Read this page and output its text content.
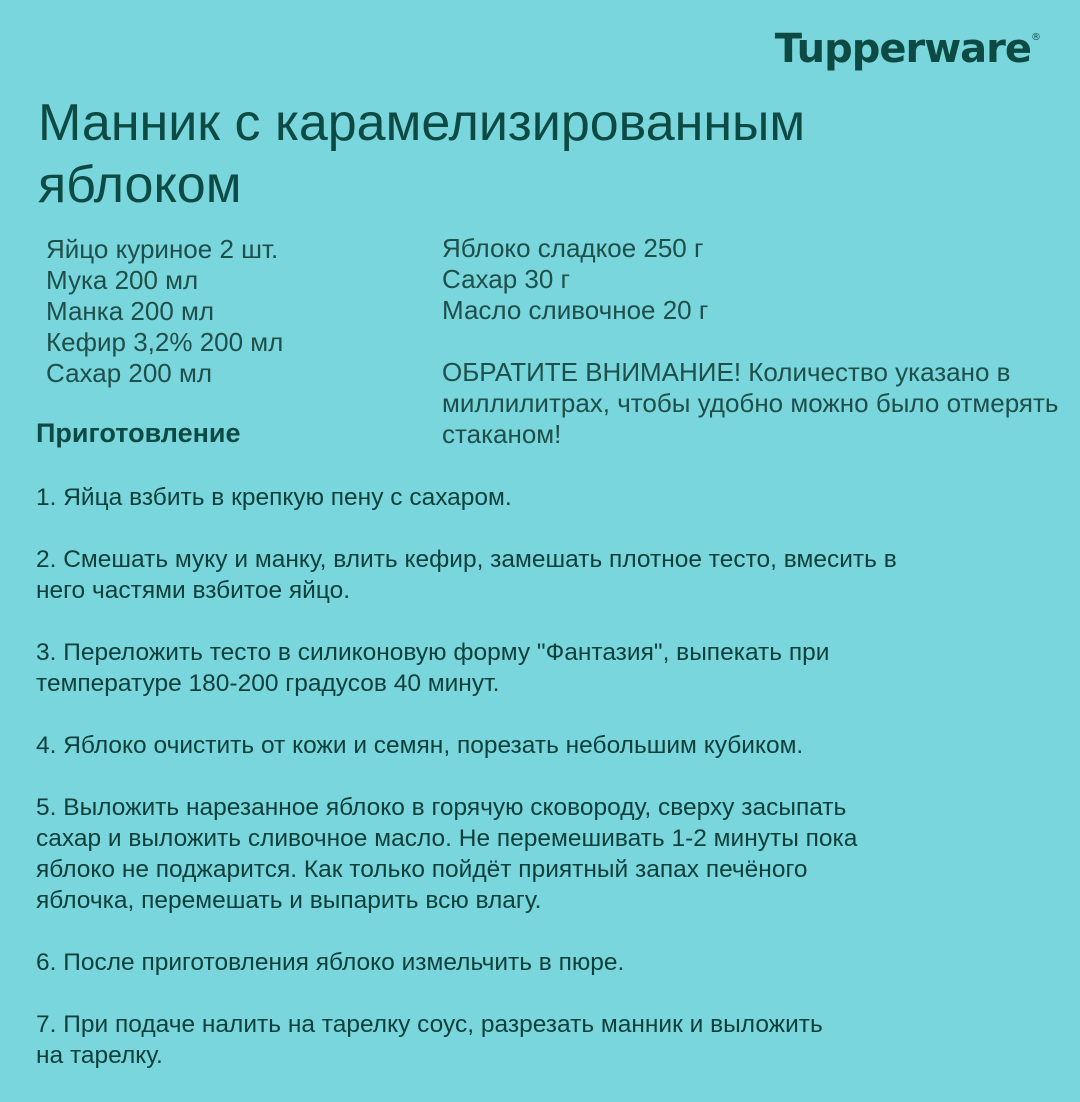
Tupperware®
Манник с карамелизированным яблоком
Яйцо куриное 2 шт.
Мука 200 мл
Манка 200 мл
Кефир 3,2% 200 мл
Сахар 200 мл
Яблоко сладкое 250 г
Сахар 30 г
Масло сливочное 20 г
ОБРАТИТЕ ВНИМАНИЕ! Количество указано в миллилитрах, чтобы удобно можно было отмерять стаканом!
Приготовление

1. Яйца взбить в крепкую пену с сахаром.

2. Смешать муку и манку, влить кефир, замешать плотное тесто, вмесить в
него частями взбитое яйцо.

3. Переложить тесто в силиконовую форму "Фантазия", выпекать при
температуре 180-200 градусов 40 минут.

4. Яблоко очистить от кожи и семян, порезать небольшим кубиком.

5. Выложить нарезанное яблоко в горячую сковороду, сверху засыпать
сахар и выложить сливочное масло. Не перемешивать 1-2 минуты пока
яблоко не поджарится. Как только пойдёт приятный запах печёного
яблочка, перемешать и выпарить всю влагу.

6. После приготовления яблоко измельчить в пюре.

7. При подаче налить на тарелку соус, разрезать манник и выложить
на тарелку.
